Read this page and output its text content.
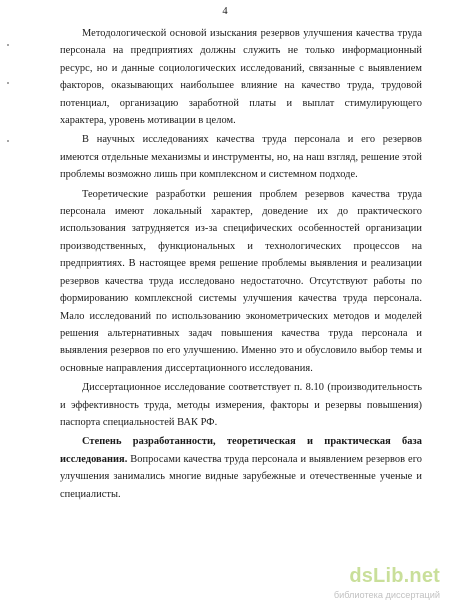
4

Методологической основой изыскания резервов улучшения качества труда персонала на предприятиях должны служить не только информационный ресурс, но и данные социологических исследований, связанные с выявлением факторов, оказывающих наибольшее влияние на качество труда, трудовой потенциал, организацию заработной платы и выплат стимулирующего характера, уровень мотивации в целом.

В научных исследованиях качества труда персонала и его резервов имеются отдельные механизмы и инструменты, но, на наш взгляд, решение этой проблемы возможно лишь при комплексном и системном подходе.

Теоретические разработки решения проблем резервов качества труда персонала имеют локальный характер, доведение их до практического использования затрудняется из-за специфических особенностей организации производственных, функциональных и технологических процессов на предприятиях. В настоящее время решение проблемы выявления и реализации резервов качества труда исследовано недостаточно. Отсутствуют работы по формированию комплексной системы улучшения качества труда персонала. Мало исследований по использованию эконометрических методов и моделей решения альтернативных задач повышения качества труда персонала и выявления резервов по его улучшению. Именно это и обусловило выбор темы и основные направления диссертационного исследования.

Диссертационное исследование соответствует п. 8.10 (производительность и эффективность труда, методы измерения, факторы и резервы повышения) паспорта специальностей ВАК РФ.

Степень разработанности, теоретическая и практическая база исследования. Вопросами качества труда персонала и выявлением резервов его улучшения занимались многие видные зарубежные и отечественные ученые и специалисты.

dsLib.net
библиотека диссертаций
